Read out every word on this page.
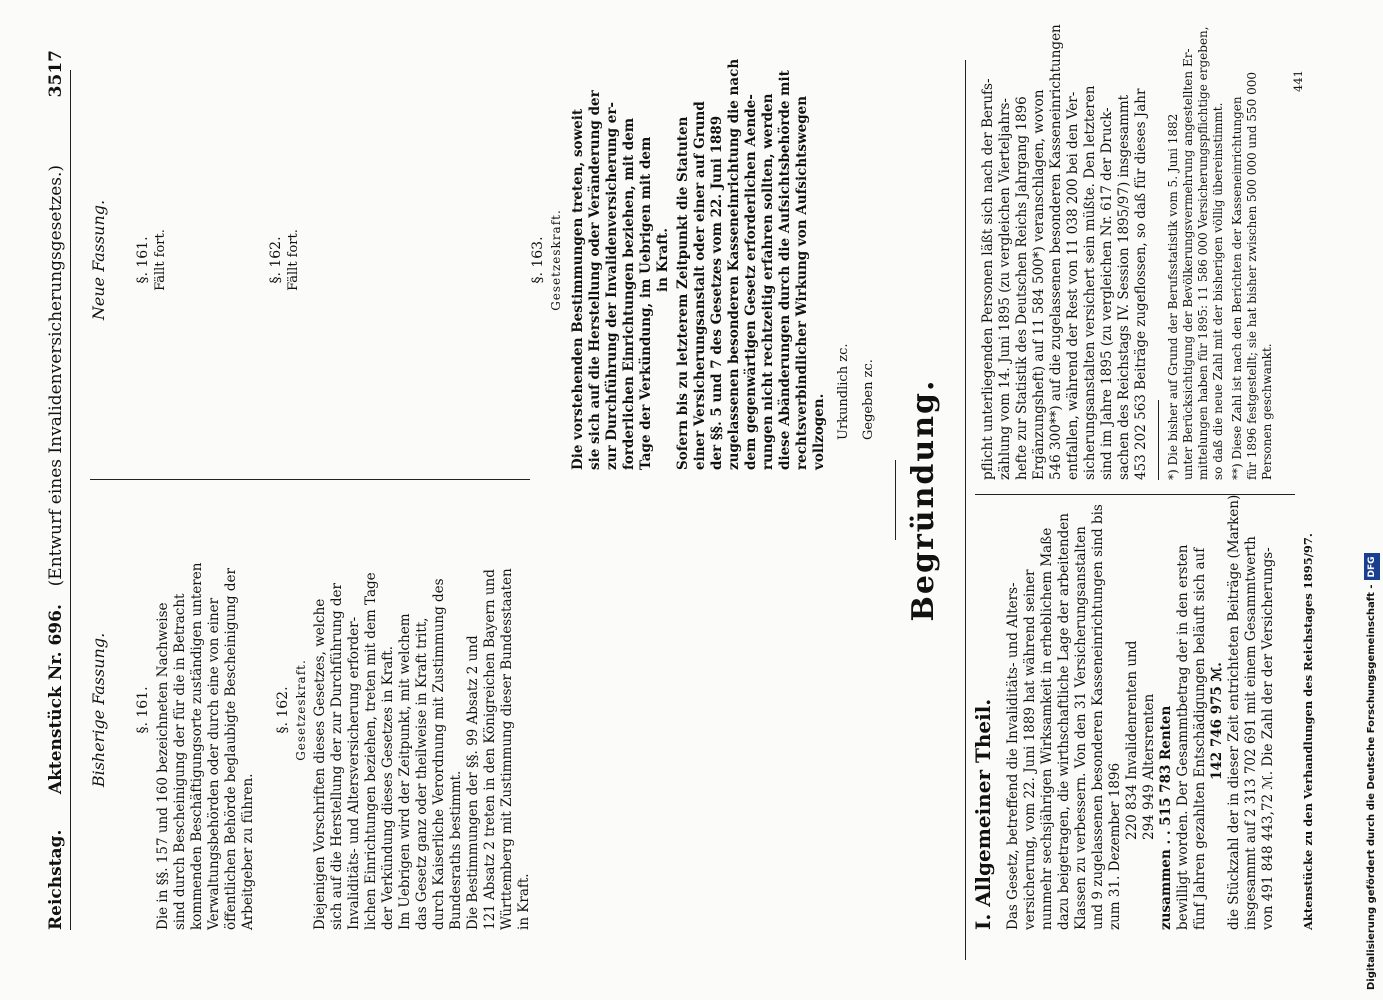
Reichstag.      Aktenstück Nr. 696.   (Entwurf eines Invalidenversicherungsgesetzes.)
3517
Bisherige Fassung.
Neue Fassung.
§. 161. Die in §§. 157 und 160 bezeichneten Nachweise sind durch Bescheinigung der für die in Betracht kommenden Beschäftigungsorte zuständigen unteren Verwaltungsbehörden oder durch eine von einer öffentlichen Behörde beglaubigte Bescheinigung der Arbeitgeber zu führen.
§. 162. Gesetzeskraft. Diejenigen Vorschriften dieses Gesetzes, welche sich auf die Herstellung der zur Durchführung der Invaliditäts- und Altersversicherung erforder- lichen Einrichtungen beziehen, treten mit dem Tage der Verkündung dieses Gesetzes in Kraft. Im Uebrigen wird der Zeitpunkt, mit welchem das Gesetz ganz oder theilweise in Kraft tritt, durch Kaiserliche Verordnung mit Zustimmung des Bundesraths bestimmt. Die Bestimmungen der §§. 99 Absatz 2 und 121 Absatz 2 treten in den Königreichen Bayern und Württemberg mit Zustimmung dieser Bundesstaaten in Kraft.
§. 161. Fällt fort.	§. 162. Fällt fort.	§. 163. Gesetzeskraft. Die vorstehenden Bestimmungen treten, soweit sie sich auf die Herstellung oder Veränderung der zur Durchführung der Invalidenversicherung er- forderlichen Einrichtungen beziehen, mit dem Tage der Verkündung, im Uebrigen mit dem in Kraft. Sofern bis zu letzterem Zeitpunkt die Statuten einer Versicherungsanstalt oder einer auf Grund der §§. 5 und 7 des Gesetzes vom 22. Juni 1889 zugelassenen besonderen Kasseneinrichtung die nach dem gegenwärtigen Gesetz erforderlichen Aende- rungen nicht rechtzeitig erfahren sollten, werden diese Abänderungen durch die Aufsichtsbehörde mit rechtsverbindlicher Wirkung von Aufsichtswegen vollzogen. Urkundlich zc. Gegeben zc. Begründung.
I. Allgemeiner Theil. Das Gesetz, betreffend die Invaliditäts- und Alters- versicherung, vom 22. Juni 1889 hat während seiner nunmehr sechsjährigen Wirksamkeit in erheblichem Maße dazu beigetragen, die wirthschaftliche Lage der arbeitenden Klassen zu verbessern. Von den 31 Versicherungsanstalten und 9 zugelassenen besonderen Kasseneinrichtungen sind bis zum 31. Dezember 1896
220 834 Invalidenrenten und 294 949 Altersrenten zusammen . . 515 783 Renten bewilligt worden. Der Gesammtbetrag der in den ersten fünf Jahren gezahlten Entschädigungen beläuft sich auf 142 746 975 ℳ. die Stückzahl der in dieser Zeit entrichteten Beiträge (Marken) insgesammt auf 2 313 702 691 mit einem Gesammtwerth von 491 848 443,72 ℳ. Die Zahl der der Versicherungs-
pflicht unterliegenden Personen läßt sich nach der Berufs- zählung vom 14. Juni 1895 (zu vergleichen Vierteljahrs- hefte zur Statistik des Deutschen Reichs Jahrgang 1896 Ergänzungsheft) auf 11 584 500*) veranschlagen, wovon 546 300**) auf die zugelassenen besonderen Kasseneinrichtungen entfallen, während der Rest von 11 038 200 bei den Ver- sicherungsanstalten versichert sein müßte. Den letzteren sind im Jahre 1895 (zu vergleichen Nr. 617 der Druck- sachen des Reichstags IV. Session 1895/97) insgesammt 453 202 563 Beiträge zugeflossen, so daß für dieses Jahr *) Die bisher auf Grund der Berufsstatistik vom 5. Juni 1882 unter Berücksichtigung der Bevölkerungsvermehrung angestellten Er- mittelungen haben für 1895: 11 586 000 Versicherungspflichtige ergeben, so daß die neue Zahl mit der bisherigen völlig übereinstimmt. **) Diese Zahl ist nach den Berichten der Kasseneinrichtungen für 1896 festgestellt; sie hat bisher zwischen 500 000 und 550 000 Personen geschwankt.
Aktenstücke zu den Verhandlungen des Reichstages 1895/97.
441
Digitalisierung gefördert durch die Deutsche Forschungsgemeinschaft -DFG
